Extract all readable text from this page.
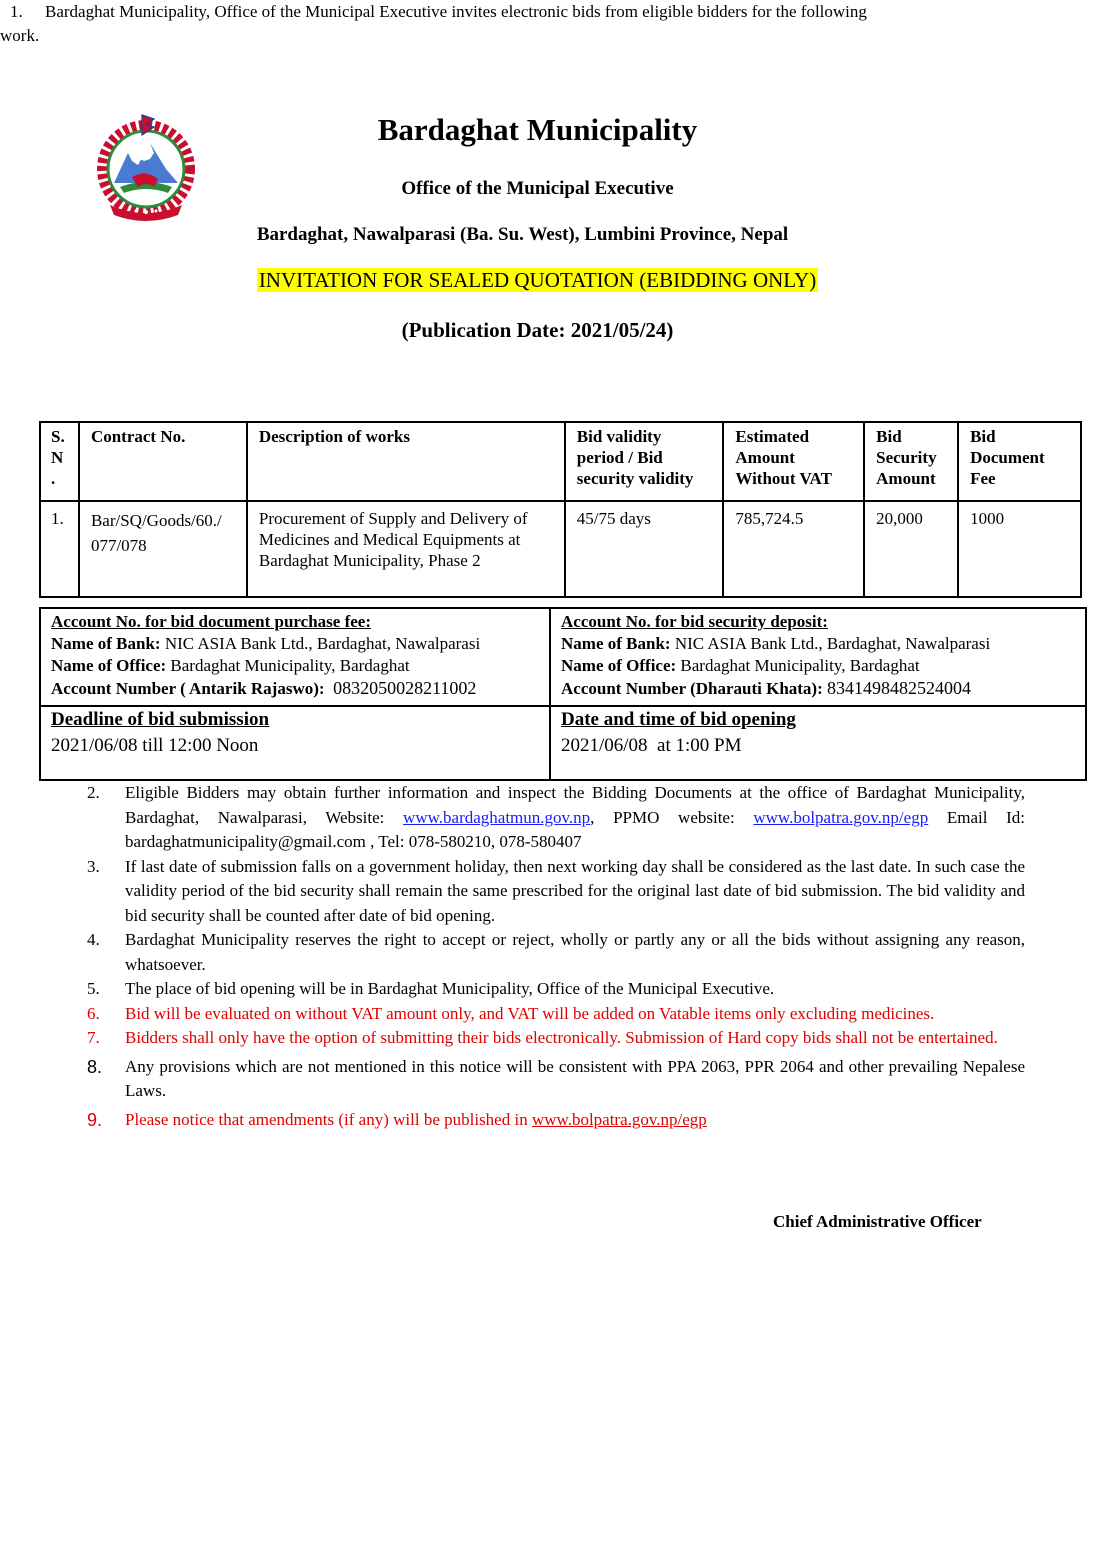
Bardaghat Municipality
Office of the Municipal Executive
Bardaghat, Nawalparasi (Ba. Su. West), Lumbini Province, Nepal
INVITATION FOR SEALED QUOTATION (EBIDDING ONLY)
(Publication Date: 2021/05/24)
1. Bardaghat Municipality, Office of the Municipal Executive invites electronic bids from eligible bidders for the following work.
S.
N
.	Contract No.	Description of works	Bid validity period / Bid security validity	Estimated Amount Without VAT	Bid Security Amount	Bid Document Fee
1.	Bar/SQ/Goods/60./ 077/078	Procurement of Supply and Delivery of Medicines and Medical Equipments at Bardaghat Municipality, Phase 2	45/75 days	785,724.5	20,000	1000
Account No. for bid document purchase fee:
Name of Bank: NIC ASIA Bank Ltd., Bardaghat, Nawalparasi
Name of Office: Bardaghat Municipality, Bardaghat
Account Number ( Antarik Rajaswo): 0832050028211002
Account No. for bid security deposit:
Name of Bank: NIC ASIA Bank Ltd., Bardaghat, Nawalparasi
Name of Office: Bardaghat Municipality, Bardaghat
Account Number (Dharauti Khata): 8341498482524004
Deadline of bid submission
2021/06/08 till 12:00 Noon
Date and time of bid opening
2021/06/08  at 1:00 PM
2. Eligible Bidders may obtain further information and inspect the Bidding Documents at the office of Bardaghat Municipality, Bardaghat, Nawalparasi, Website: www.bardaghatmun.gov.np, PPMO website: www.bolpatra.gov.np/egp Email Id: bardaghatmunicipality@gmail.com , Tel: 078-580210, 078-580407
3. If last date of submission falls on a government holiday, then next working day shall be considered as the last date. In such case the validity period of the bid security shall remain the same prescribed for the original last date of bid submission. The bid validity and bid security shall be counted after date of bid opening.
4. Bardaghat Municipality reserves the right to accept or reject, wholly or partly any or all the bids without assigning any reason, whatsoever.
5. The place of bid opening will be in Bardaghat Municipality, Office of the Municipal Executive.
6. Bid will be evaluated on without VAT amount only, and VAT will be added on Vatable items only excluding medicines.
7. Bidders shall only have the option of submitting their bids electronically. Submission of Hard copy bids shall not be entertained.
8. Any provisions which are not mentioned in this notice will be consistent with PPA 2063, PPR 2064 and other prevailing Nepalese Laws.
9. Please notice that amendments (if any) will be published in www.bolpatra.gov.np/egp
Chief Administrative Officer
